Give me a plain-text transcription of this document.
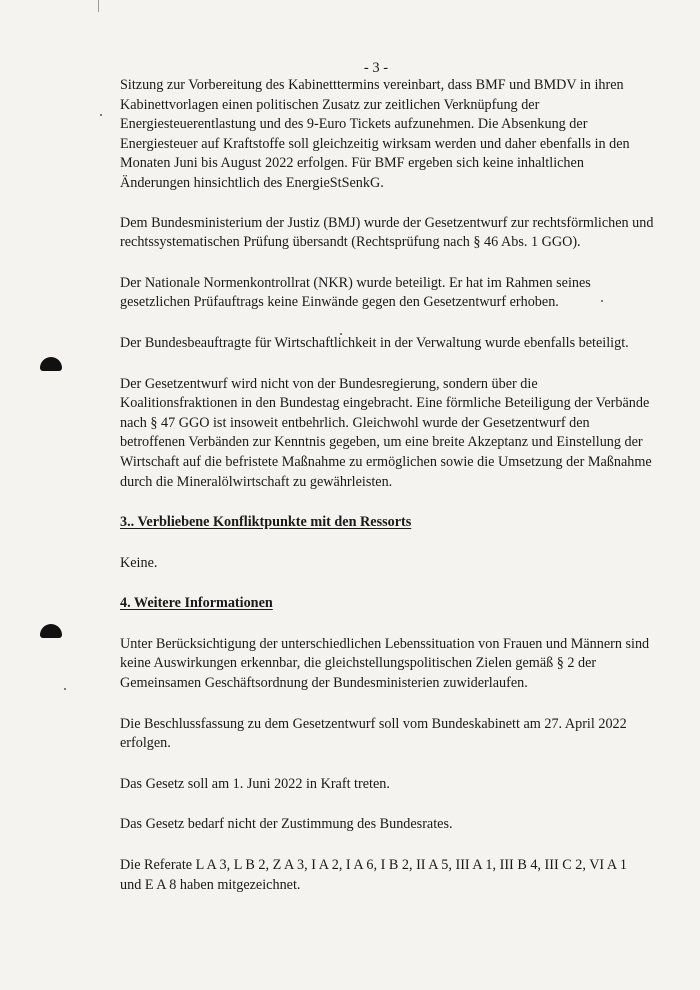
- 3 -

Sitzung zur Vorbereitung des Kabinetttermins vereinbart, dass BMF und BMDV in ihren
Kabinettvorlagen einen politischen Zusatz zur zeitlichen Verknüpfung der
Energiesteuerentlastung und des 9-Euro Tickets aufzunehmen. Die Absenkung der
Energiesteuer auf Kraftstoffe soll gleichzeitig wirksam werden und daher ebenfalls in den
Monaten Juni bis August 2022 erfolgen. Für BMF ergeben sich keine inhaltlichen
Änderungen hinsichtlich des EnergieStSenkG.

Dem Bundesministerium der Justiz (BMJ) wurde der Gesetzentwurf zur rechtsförmlichen und
rechtssystematischen Prüfung übersandt (Rechtsprüfung nach § 46 Abs. 1 GGO).

Der Nationale Normenkontrollrat (NKR) wurde beteiligt. Er hat im Rahmen seines
gesetzlichen Prüfauftrags keine Einwände gegen den Gesetzentwurf erhoben.

Der Bundesbeauftragte für Wirtschaftlichkeit in der Verwaltung wurde ebenfalls beteiligt.

Der Gesetzentwurf wird nicht von der Bundesregierung, sondern über die
Koalitionsfraktionen in den Bundestag eingebracht. Eine förmliche Beteiligung der Verbände
nach § 47 GGO ist insoweit entbehrlich. Gleichwohl wurde der Gesetzentwurf den
betroffenen Verbänden zur Kenntnis gegeben, um eine breite Akzeptanz und Einstellung der
Wirtschaft auf die befristete Maßnahme zu ermöglichen sowie die Umsetzung der Maßnahme
durch die Mineralölwirtschaft zu gewährleisten.

3.. Verbliebene Konfliktpunkte mit den Ressorts

Keine.

4. Weitere Informationen

Unter Berücksichtigung der unterschiedlichen Lebenssituation von Frauen und Männern sind
keine Auswirkungen erkennbar, die gleichstellungspolitischen Zielen gemäß § 2 der
Gemeinsamen Geschäftsordnung der Bundesministerien zuwiderlaufen.

Die Beschlussfassung zu dem Gesetzentwurf soll vom Bundeskabinett am 27. April 2022
erfolgen.

Das Gesetz soll am 1. Juni 2022 in Kraft treten.

Das Gesetz bedarf nicht der Zustimmung des Bundesrates.

Die Referate L A 3, L B 2, Z A 3, I A 2, I A 6, I B 2, II A 5, III A 1, III B 4, III C 2, VI A 1
und E A 8 haben mitgezeichnet.
